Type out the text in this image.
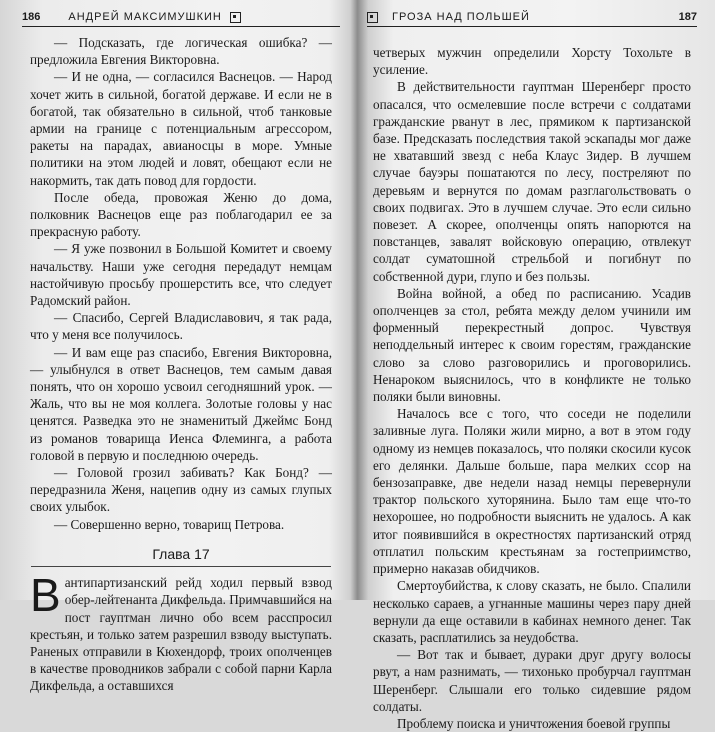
186	АНДРЕЙ МАКСИМУШКИН

— Подсказать, где логическая ошибка? — предложила Евгения Викторовна.

— И не одна, — согласился Васнецов. — Народ хочет жить в сильной, богатой державе. И если не в богатой, так обязательно в сильной, чтоб танковые армии на границе с потенциальным агрессором, ракеты на парадах, авианосцы в море. Умные политики на этом людей и ловят, обещают если не накормить, так дать повод для гордости.

После обеда, провожая Женю до дома, полковник Васнецов еще раз поблагодарил ее за прекрасную работу.

— Я уже позвонил в Большой Комитет и своему начальству. Наши уже сегодня передадут немцам настойчивую просьбу прошерстить все, что следует Радомский район.

— Спасибо, Сергей Владиславович, я так рада, что у меня все получилось.

— И вам еще раз спасибо, Евгения Викторовна, — улыбнулся в ответ Васнецов, тем самым давая понять, что он хорошо усвоил сегодняшний урок. — Жаль, что вы не моя коллега. Золотые головы у нас ценятся. Разведка это не знаменитый Джеймс Бонд из романов товарища Иенса Флеминга, а работа головой в первую и последнюю очередь.

— Головой грозил забивать? Как Бонд? — передразнила Женя, нацепив одну из самых глупых своих улыбок.

— Совершенно верно, товарищ Петрова.

Глава 17

Вантипартизанский рейд ходил первый взвод обер-лейтенанта Дикфельда. Примчавшийся на пост гауптман лично обо всем расспросил крестьян, и только затем разрешил взводу выступать. Раненых отправили в Кюхендорф, троих ополченцев в качестве проводников забрали с собой парни Карла Дикфельда, а оставшихся

ГРОЗА НАД ПОЛЬШЕЙ	187

четверых мужчин определили Хорсту Тохольте в усиление.

В действительности гауптман Шеренберг просто опасался, что осмелевшие после встречи с солдатами гражданские рванут в лес, прямиком к партизанской базе. Предсказать последствия такой эскапады мог даже не хватавший звезд с неба Клаус Зидер. В лучшем случае бауэры пошатаются по лесу, постреляют по деревьям и вернутся по домам разглагольствовать о своих подвигах. Это в лучшем случае. Это если сильно повезет. А скорее, ополченцы опять напорются на повстанцев, завалят войсковую операцию, отвлекут солдат суматошной стрельбой и погибнут по собственной дури, глупо и без пользы.

Война войной, а обед по расписанию. Усадив ополченцев за стол, ребята между делом учинили им форменный перекрестный допрос. Чувствуя неподдельный интерес к своим горестям, гражданские слово за слово разговорились и проговорились. Ненароком выяснилось, что в конфликте не только поляки были виновны.

Началось все с того, что соседи не поделили заливные луга. Поляки жили мирно, а вот в этом году одному из немцев показалось, что поляки скосили кусок его делянки. Дальше больше, пара мелких ссор на бензозаправке, две недели назад немцы перевернули трактор польского хуторянина. Было там еще что-то нехорошее, но подробности выяснить не удалось. А как итог появившийся в окрестностях партизанский отряд отплатил польским крестьянам за гостеприимство, примерно наказав обидчиков.

Смертоубийства, к слову сказать, не было. Спалили несколько сараев, а угнанные машины через пару дней вернули да еще оставили в кабинах немного денег. Так сказать, расплатились за неудобства.

— Вот так и бывает, дураки друг другу волосы рвут, а нам разнимать, — тихонько пробурчал гауптман Шеренберг. Слышали его только сидевшие рядом солдаты.

Проблему поиска и уничтожения боевой группы
